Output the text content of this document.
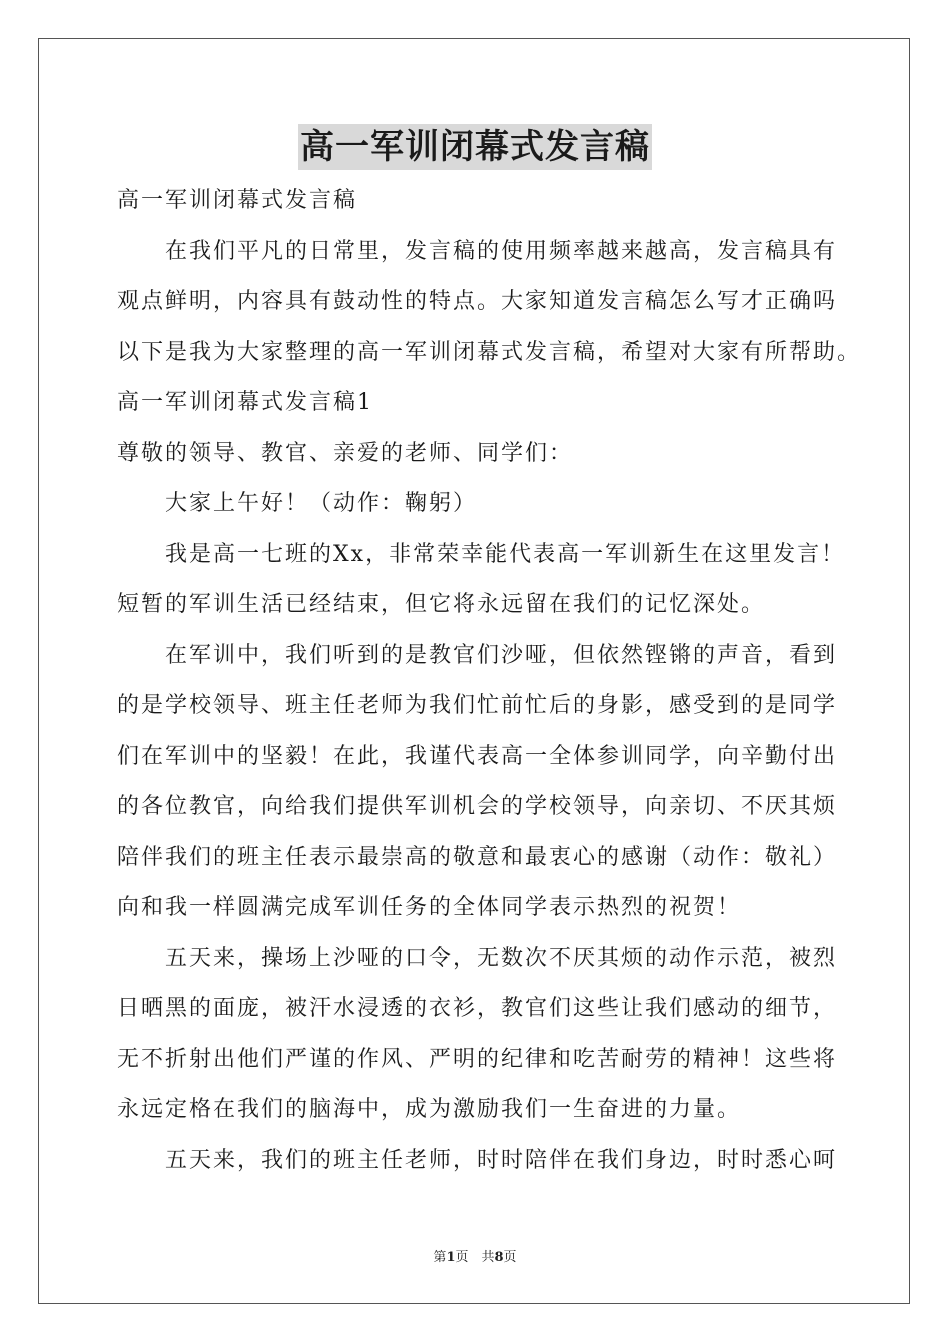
高一军训闭幕式发言稿
高一军训闭幕式发言稿
在我们平凡的日常里，发言稿的使用频率越来越高，发言稿具有
观点鲜明，内容具有鼓动性的特点。大家知道发言稿怎么写才正确吗
以下是我为大家整理的高一军训闭幕式发言稿，希望对大家有所帮助。
高一军训闭幕式发言稿1
尊敬的领导、教官、亲爱的老师、同学们：
大家上午好！（动作：鞠躬）
我是高一七班的Xx，非常荣幸能代表高一军训新生在这里发言！
短暂的军训生活已经结束，但它将永远留在我们的记忆深处。
在军训中，我们听到的是教官们沙哑，但依然铿锵的声音，看到
的是学校领导、班主任老师为我们忙前忙后的身影，感受到的是同学
们在军训中的坚毅！在此，我谨代表高一全体参训同学，向辛勤付出
的各位教官，向给我们提供军训机会的学校领导，向亲切、不厌其烦
陪伴我们的班主任表示最崇高的敬意和最衷心的感谢（动作：敬礼）
向和我一样圆满完成军训任务的全体同学表示热烈的祝贺！
五天来，操场上沙哑的口令，无数次不厌其烦的动作示范，被烈
日晒黑的面庞，被汗水浸透的衣衫，教官们这些让我们感动的细节，
无不折射出他们严谨的作风、严明的纪律和吃苦耐劳的精神！这些将
永远定格在我们的脑海中，成为激励我们一生奋进的力量。
五天来，我们的班主任老师，时时陪伴在我们身边，时时悉心呵
第1页　共8页
